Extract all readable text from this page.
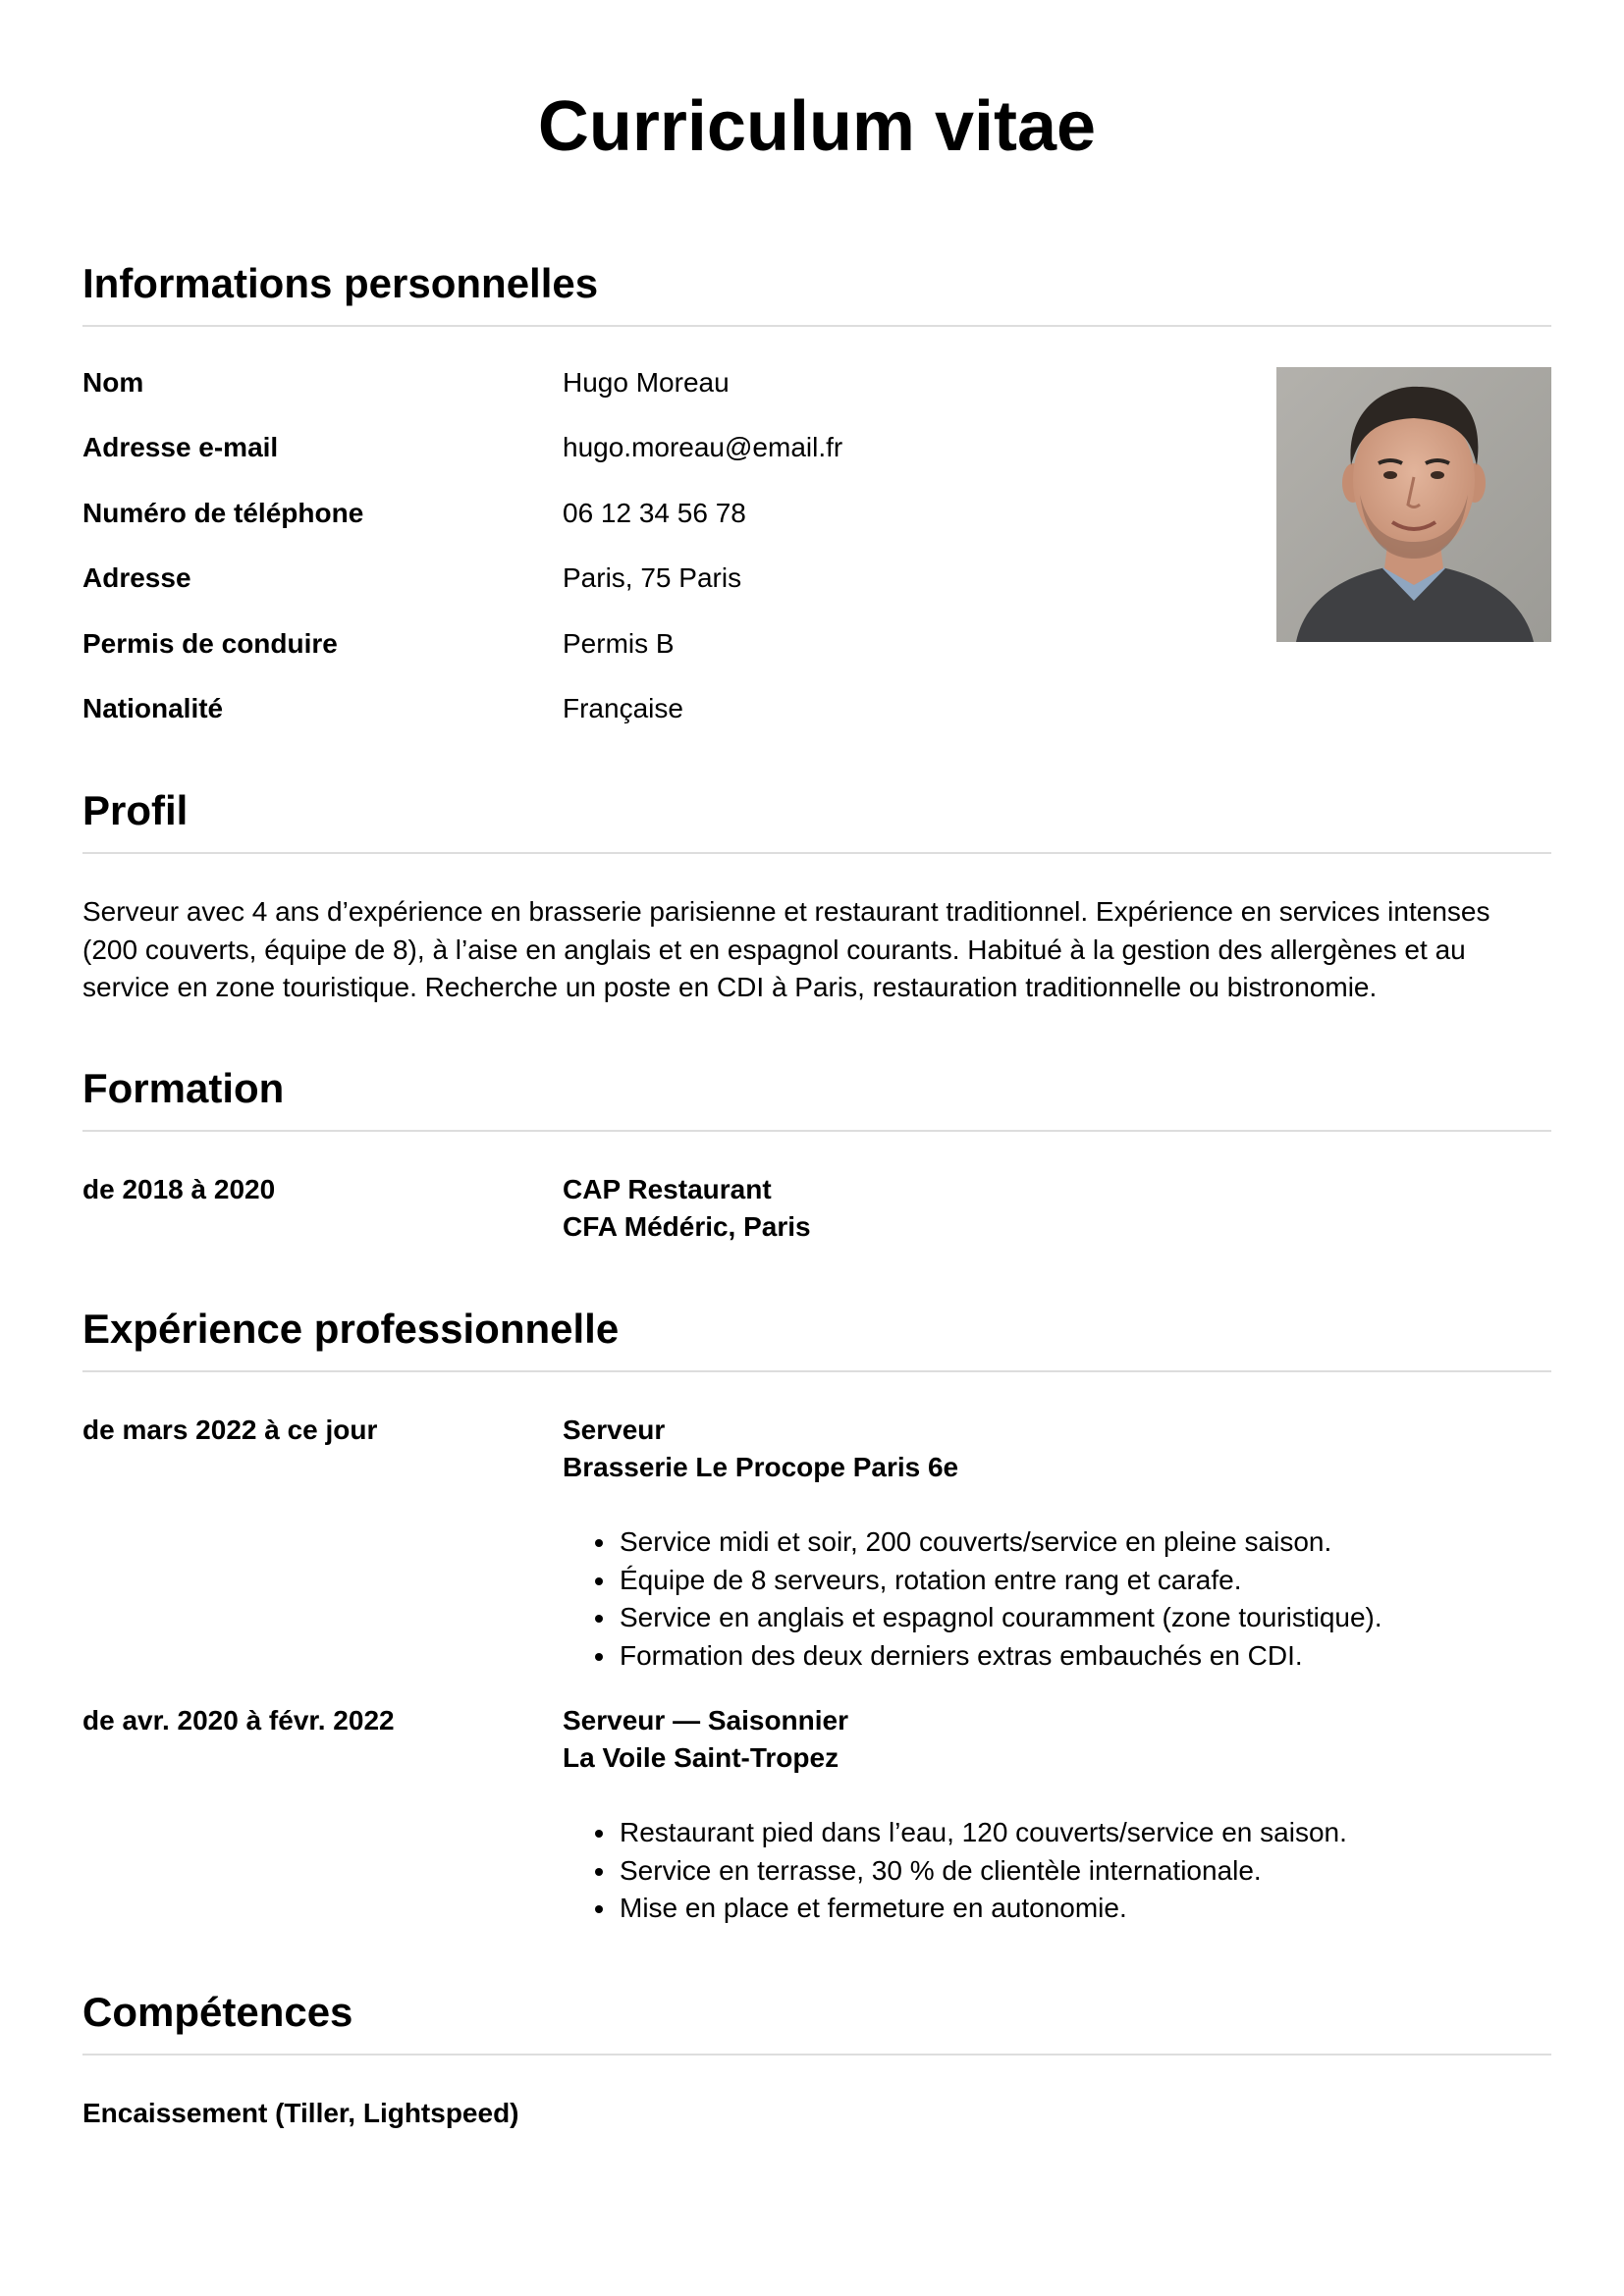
Curriculum vitae
Informations personnelles
Nom	Hugo Moreau
Adresse e-mail	hugo.moreau@email.fr
Numéro de téléphone	06 12 34 56 78
Adresse	Paris, 75 Paris
Permis de conduire	Permis B
Nationalité	Française
Profil
Serveur avec 4 ans d’expérience en brasserie parisienne et restaurant traditionnel. Expérience en services intenses (200 couverts, équipe de 8), à l’aise en anglais et en espagnol courants. Habitué à la gestion des allergènes et au service en zone touristique. Recherche un poste en CDI à Paris, restauration traditionnelle ou bistronomie.
Formation
de 2018 à 2020	CAP Restaurant
CFA Médéric, Paris
Expérience professionnelle
de mars 2022 à ce jour	Serveur
Brasserie Le Procope Paris 6e
• Service midi et soir, 200 couverts/service en pleine saison.
• Équipe de 8 serveurs, rotation entre rang et carafe.
• Service en anglais et espagnol couramment (zone touristique).
• Formation des deux derniers extras embauchés en CDI.
de avr. 2020 à févr. 2022	Serveur — Saisonnier
La Voile Saint-Tropez
• Restaurant pied dans l’eau, 120 couverts/service en saison.
• Service en terrasse, 30 % de clientèle internationale.
• Mise en place et fermeture en autonomie.
Compétences
Encaissement (Tiller, Lightspeed)
